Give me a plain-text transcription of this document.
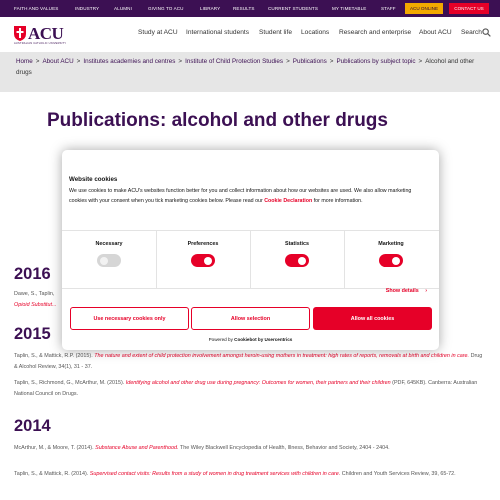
FAITH AND VALUES	INDUSTRY	ALUMNI	GIVING TO ACU	LIBRARY	RESULTS	CURRENT STUDENTS	MY TIMETABLE	STAFF	ACU ONLINE	CONTACT US
ACU
AUSTRALIAN CATHOLIC UNIVERSITY
Study at ACU International students Student life Locations Research and enterprise About ACU Search
Home > About ACU > Institutes academies and centres > Institute of Child Protection Studies > Publications > Publications by subject topic > Alcohol and other drugs
Publications: alcohol and other drugs
2016
Dawe, S., Taplin,
Opioid Substitut...
2015
Taplin, S., & Mattick, R.P. (2015). The nature and extent of child protection involvement amongst heroin-using mothers in treatment: high rates of reports, removals at birth and children in care. Drug & Alcohol Review, 34(1), 31 - 37.
Taplin, S., Richmond, G., McArthur, M. (2015). Identifying alcohol and other drug use during pregnancy: Outcomes for women, their partners and their children (PDF, 645KB). Canberra: Australian National Council on Drugs.
2014
McArthur, M., & Moore, T. (2014). Substance Abuse and Parenthood. The Wiley Blackwell Encyclopedia of Health, Illness, Behavior and Society, 2404 - 2404.
Taplin, S., & Mattick, R. (2014). Supervised contact visits: Results from a study of women in drug treatment services with children in care. Children and Youth Services Review, 39, 65-72.
Website cookies
We use cookies to make ACU's websites function better for you and collect information about how our websites are used. We also allow marketing cookies with your consent when you tick marketing cookies below. Please read our Cookie Declaration for more information.
Necessary	Preferences	Statistics	Marketing
Show details ›
Use necessary cookies only	Allow selection	Allow all cookies
Powered by Cookiebot by Usercentrics
